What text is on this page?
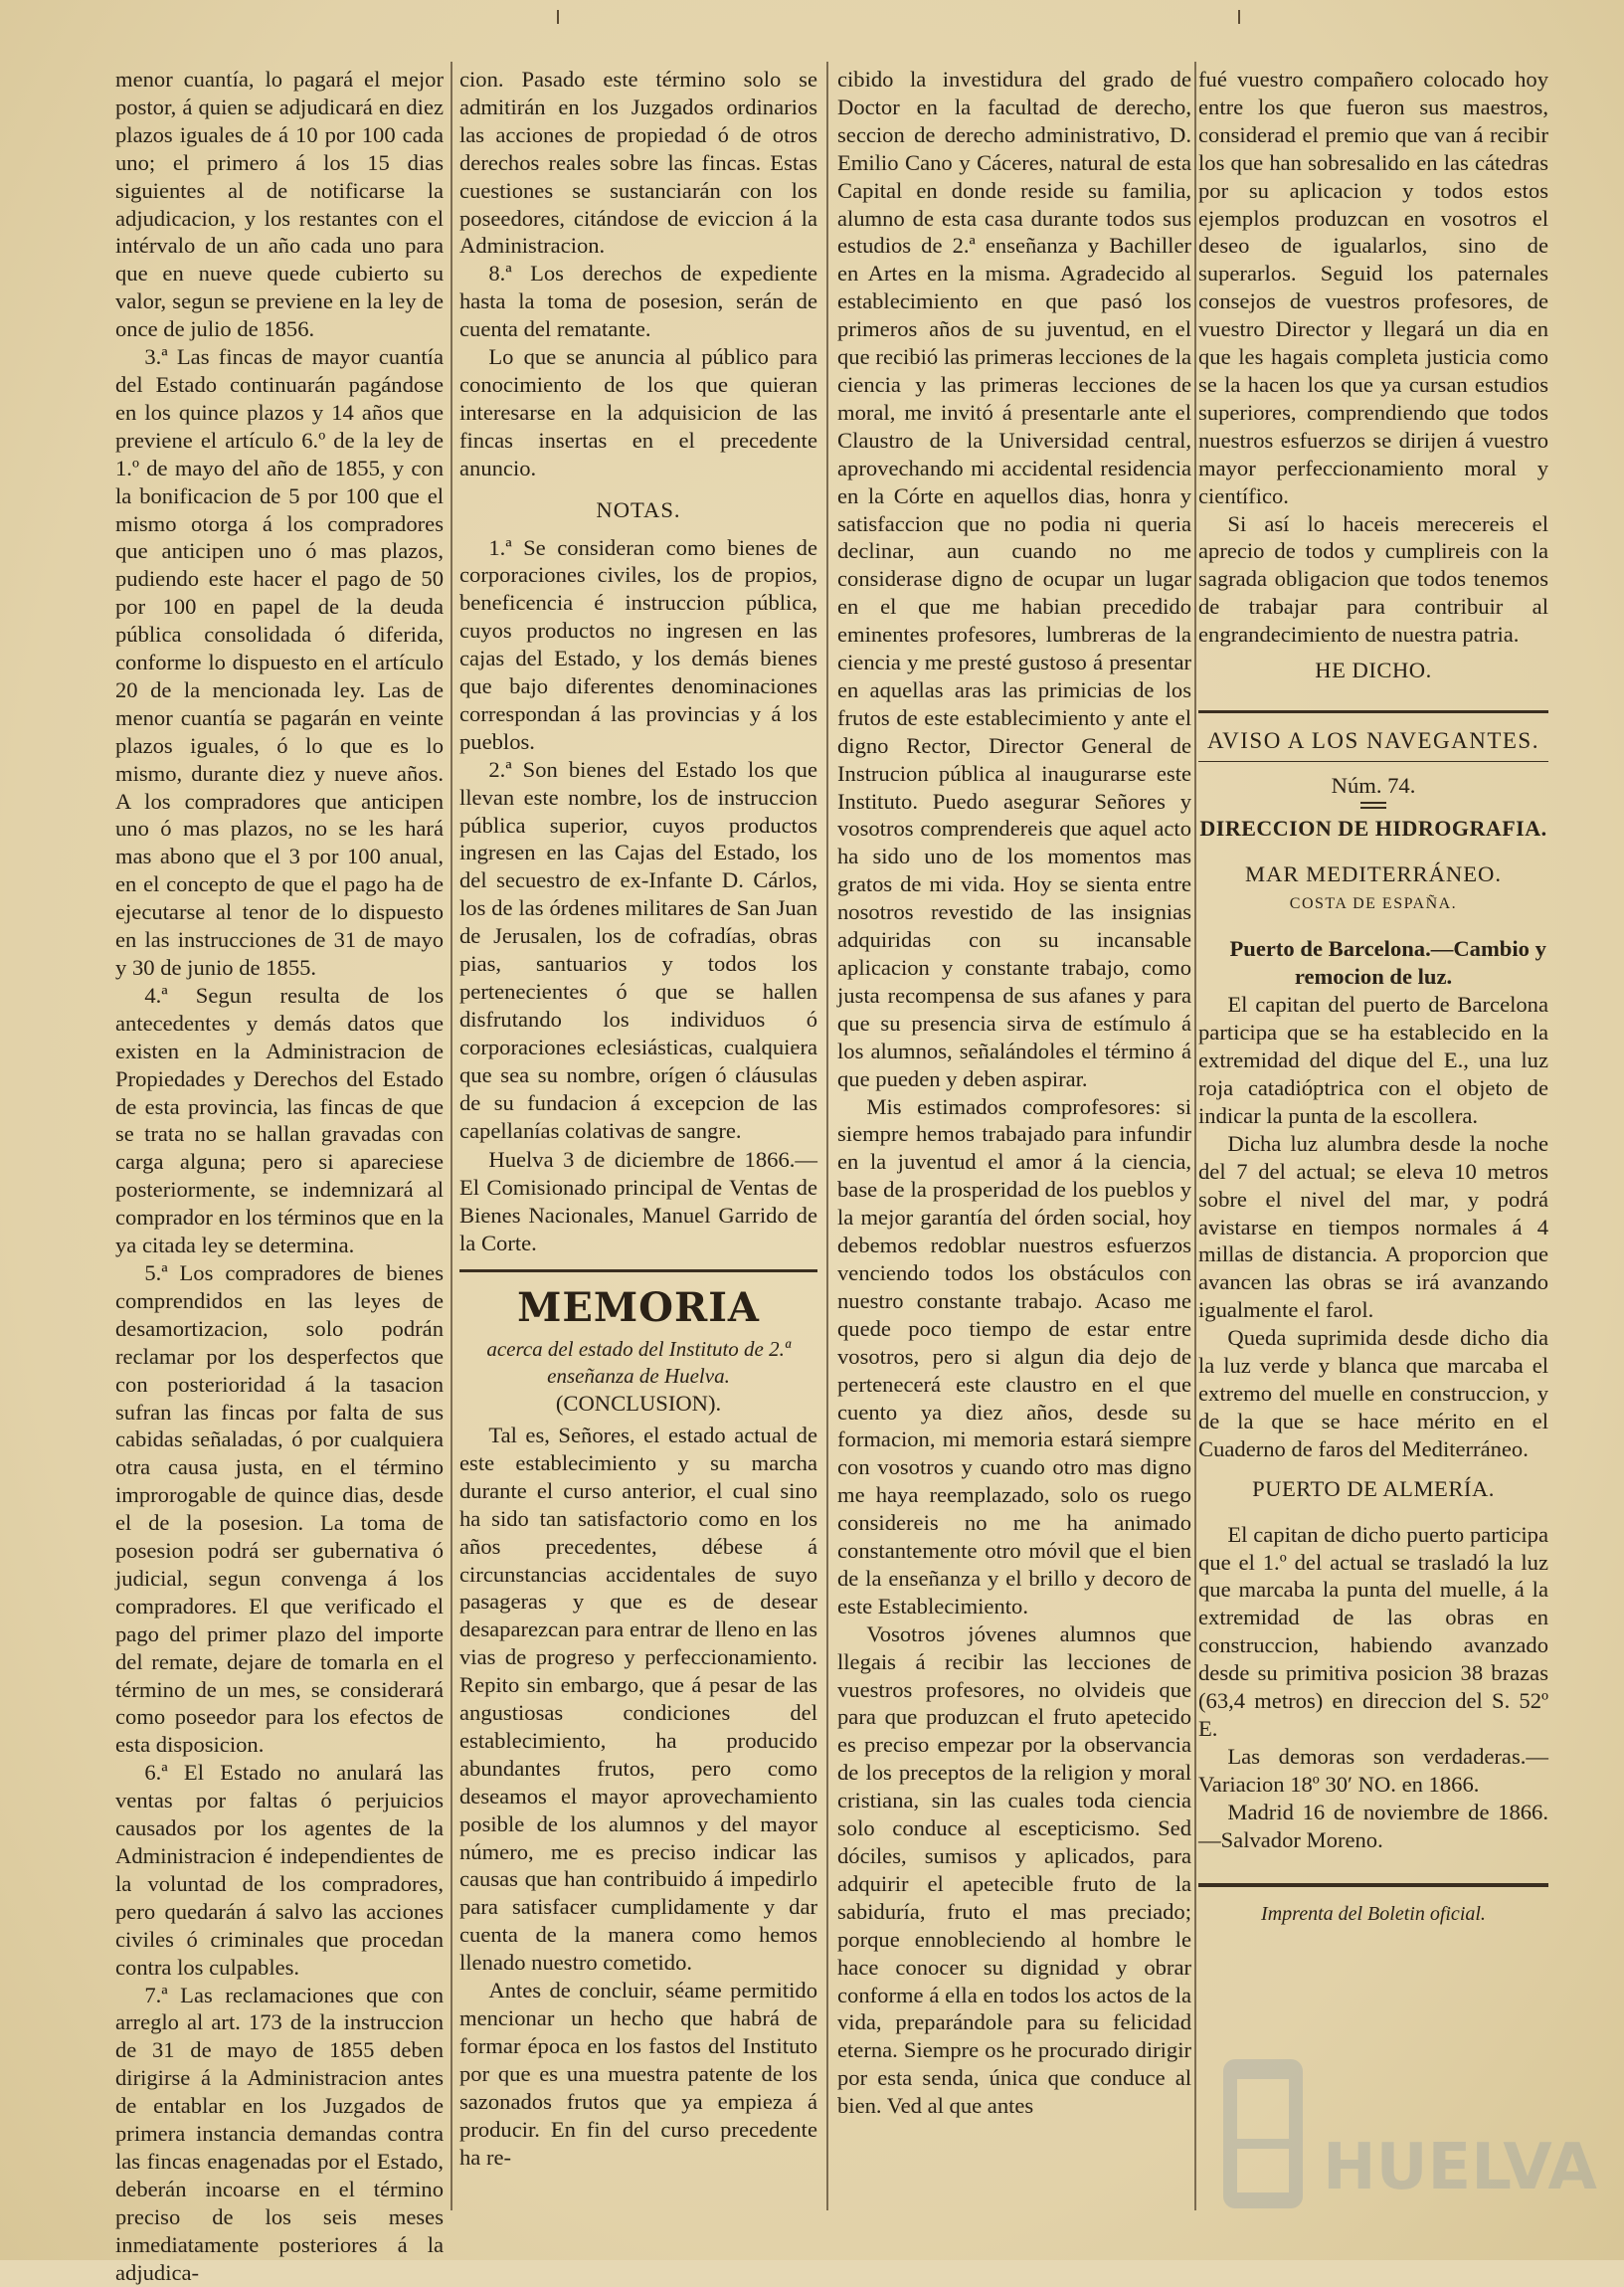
menor cuantía, lo pagará el mejor postor, á quien se adjudicará en diez plazos iguales de á 10 por 100 cada uno; el primero á los 15 dias siguientes al de notificarse la adjudicacion, y los restantes con el intérvalo de un año cada uno para que en nueve quede cubierto su valor, segun se previene en la ley de once de julio de 1856.

3.ª Las fincas de mayor cuantía del Estado continuarán pagándose en los quince plazos y 14 años que previene el artículo 6.º de la ley de 1.º de mayo del año de 1855, y con la bonificacion de 5 por 100 que el mismo otorga á los compradores que anticipen uno ó mas plazos, pudiendo este hacer el pago de 50 por 100 en papel de la deuda pública consolidada ó diferida, conforme lo dispuesto en el artículo 20 de la mencionada ley. Las de menor cuantía se pagarán en veinte plazos iguales, ó lo que es lo mismo, durante diez y nueve años. A los compradores que anticipen uno ó mas plazos, no se les hará mas abono que el 3 por 100 anual, en el concepto de que el pago ha de ejecutarse al tenor de lo dispuesto en las instrucciones de 31 de mayo y 30 de junio de 1855.

4.ª Segun resulta de los antecedentes y demás datos que existen en la Administracion de Propiedades y Derechos del Estado de esta provincia, las fincas de que se trata no se hallan gravadas con carga alguna; pero si apareciese posteriormente, se indemnizará al comprador en los términos que en la ya citada ley se determina.

5.ª Los compradores de bienes comprendidos en las leyes de desamortizacion, solo podrán reclamar por los desperfectos que con posterioridad á la tasacion sufran las fincas por falta de sus cabidas señaladas, ó por cualquiera otra causa justa, en el término improrogable de quince dias, desde el de la posesion. La toma de posesion podrá ser gubernativa ó judicial, segun convenga á los compradores. El que verificado el pago del primer plazo del importe del remate, dejare de tomarla en el término de un mes, se considerará como poseedor para los efectos de esta disposicion.

6.ª El Estado no anulará las ventas por faltas ó perjuicios causados por los agentes de la Administracion é independientes de la voluntad de los compradores, pero quedarán á salvo las acciones civiles ó criminales que procedan contra los culpables.

7.ª Las reclamaciones que con arreglo al art. 173 de la instruccion de 31 de mayo de 1855 deben dirigirse á la Administracion antes de entablar en los Juzgados de primera instancia demandas contra las fincas enagenadas por el Estado, deberán incoarse en el término preciso de los seis meses inmediatamente posteriores á la adjudica-

cion. Pasado este término solo se admitirán en los Juzgados ordinarios las acciones de propiedad ó de otros derechos reales sobre las fincas. Estas cuestiones se sustanciarán con los poseedores, citándose de eviccion á la Administracion.

8.ª Los derechos de expediente hasta la toma de posesion, serán de cuenta del rematante.

Lo que se anuncia al público para conocimiento de los que quieran interesarse en la adquisicion de las fincas insertas en el precedente anuncio.

NOTAS.

1.ª Se consideran como bienes de corporaciones civiles, los de propios, beneficencia é instruccion pública, cuyos productos no ingresen en las cajas del Estado, y los demás bienes que bajo diferentes denominaciones correspondan á las provincias y á los pueblos.

2.ª Son bienes del Estado los que llevan este nombre, los de instruccion pública superior, cuyos productos ingresen en las Cajas del Estado, los del secuestro de ex-Infante D. Cárlos, los de las órdenes militares de San Juan de Jerusalen, los de cofradías, obras pias, santuarios y todos los pertenecientes ó que se hallen disfrutando los individuos ó corporaciones eclesiásticas, cualquiera que sea su nombre, orígen ó cláusulas de su fundacion á excepcion de las capellanías colativas de sangre.

Huelva 3 de diciembre de 1866.—El Comisionado principal de Ventas de Bienes Nacionales, Manuel Garrido de la Corte.

MEMORIA
acerca del estado del Instituto de 2.ª enseñanza de Huelva.
(CONCLUSION).

Tal es, Señores, el estado actual de este establecimiento y su marcha durante el curso anterior, el cual sino ha sido tan satisfactorio como en los años precedentes, débese á circunstancias accidentales de suyo pasageras y que es de desear desaparezcan para entrar de lleno en las vias de progreso y perfeccionamiento. Repito sin embargo, que á pesar de las angustiosas condiciones del establecimiento, ha producido abundantes frutos, pero como deseamos el mayor aprovechamiento posible de los alumnos y del mayor número, me es preciso indicar las causas que han contribuido á impedirlo para satisfacer cumplidamente y dar cuenta de la manera como hemos llenado nuestro cometido.

Antes de concluir, séame permitido mencionar un hecho que habrá de formar época en los fastos del Instituto por que es una muestra patente de los sazonados frutos que ya empieza á producir. En fin del curso precedente ha re-

cibido la investidura del grado de Doctor en la facultad de derecho, seccion de derecho administrativo, D. Emilio Cano y Cáceres, natural de esta Capital en donde reside su familia, alumno de esta casa durante todos sus estudios de 2.ª enseñanza y Bachiller en Artes en la misma. Agradecido al establecimiento en que pasó los primeros años de su juventud, en el que recibió las primeras lecciones de la ciencia y las primeras lecciones de moral, me invitó á presentarle ante el Claustro de la Universidad central, aprovechando mi accidental residencia en la Córte en aquellos dias, honra y satisfaccion que no podia ni queria declinar, aun cuando no me considerase digno de ocupar un lugar en el que me habian precedido eminentes profesores, lumbreras de la ciencia y me presté gustoso á presentar en aquellas aras las primicias de los frutos de este establecimiento y ante el digno Rector, Director General de Instrucion pública al inaugurarse este Instituto. Puedo asegurar Señores y vosotros comprendereis que aquel acto ha sido uno de los momentos mas gratos de mi vida. Hoy se sienta entre nosotros revestido de las insignias adquiridas con su incansable aplicacion y constante trabajo, como justa recompensa de sus afanes y para que su presencia sirva de estímulo á los alumnos, señalándoles el término á que pueden y deben aspirar.

Mis estimados comprofesores: si siempre hemos trabajado para infundir en la juventud el amor á la ciencia, base de la prosperidad de los pueblos y la mejor garantía del órden social, hoy debemos redoblar nuestros esfuerzos venciendo todos los obstáculos con nuestro constante trabajo. Acaso me quede poco tiempo de estar entre vosotros, pero si algun dia dejo de pertenecerá este claustro en el que cuento ya diez años, desde su formacion, mi memoria estará siempre con vosotros y cuando otro mas digno me haya reemplazado, solo os ruego considereis no me ha animado constantemente otro móvil que el bien de la enseñanza y el brillo y decoro de este Establecimiento.

Vosotros jóvenes alumnos que llegais á recibir las lecciones de vuestros profesores, no olvideis que para que produzcan el fruto apetecido es preciso empezar por la observancia de los preceptos de la religion y moral cristiana, sin las cuales toda ciencia solo conduce al escepticismo. Sed dóciles, sumisos y aplicados, para adquirir el apetecible fruto de la sabiduría, fruto el mas preciado; porque ennobleciendo al hombre le hace conocer su dignidad y obrar conforme á ella en todos los actos de la vida, preparándole para su felicidad eterna. Siempre os he procurado dirigir por esta senda, única que conduce al bien. Ved al que antes

fué vuestro compañero colocado hoy entre los que fueron sus maestros, considerad el premio que van á recibir los que han sobresalido en las cátedras por su aplicacion y todos estos ejemplos produzcan en vosotros el deseo de igualarlos, sino de superarlos. Seguid los paternales consejos de vuestros profesores, de vuestro Director y llegará un dia en que les hagais completa justicia como se la hacen los que ya cursan estudios superiores, comprendiendo que todos nuestros esfuerzos se dirijen á vuestro mayor perfeccionamiento moral y científico.

Si así lo haceis merecereis el aprecio de todos y cumplireis con la sagrada obligacion que todos tenemos de trabajar para contribuir al engrandecimiento de nuestra patria.

HE DICHO.
AVISO A LOS NAVEGANTES.
Núm. 74.
DIRECCION DE HIDROGRAFIA.
MAR MEDITERRÁNEO.
COSTA DE ESPAÑA.

Puerto de Barcelona.—Cambio y remocion de luz.

El capitan del puerto de Barcelona participa que se ha establecido en la extremidad del dique del E., una luz roja catadióptrica con el objeto de indicar la punta de la escollera.

Dicha luz alumbra desde la noche del 7 del actual; se eleva 10 metros sobre el nivel del mar, y podrá avistarse en tiempos normales á 4 millas de distancia. A proporcion que avancen las obras se irá avanzando igualmente el farol.

Queda suprimida desde dicho dia la luz verde y blanca que marcaba el extremo del muelle en construccion, y de la que se hace mérito en el Cuaderno de faros del Mediterráneo.

PUERTO DE ALMERÍA.

El capitan de dicho puerto participa que el 1.º del actual se trasladó la luz que marcaba la punta del muelle, á la extremidad de las obras en construccion, habiendo avanzado desde su primitiva posicion 38 brazas (63,4 metros) en direccion del S. 52º E.

Las demoras son verdaderas.—Variacion 18º 30′ NO. en 1866.

Madrid 16 de noviembre de 1866.—Salvador Moreno.

Imprenta del Boletin oficial.
HUELVA
